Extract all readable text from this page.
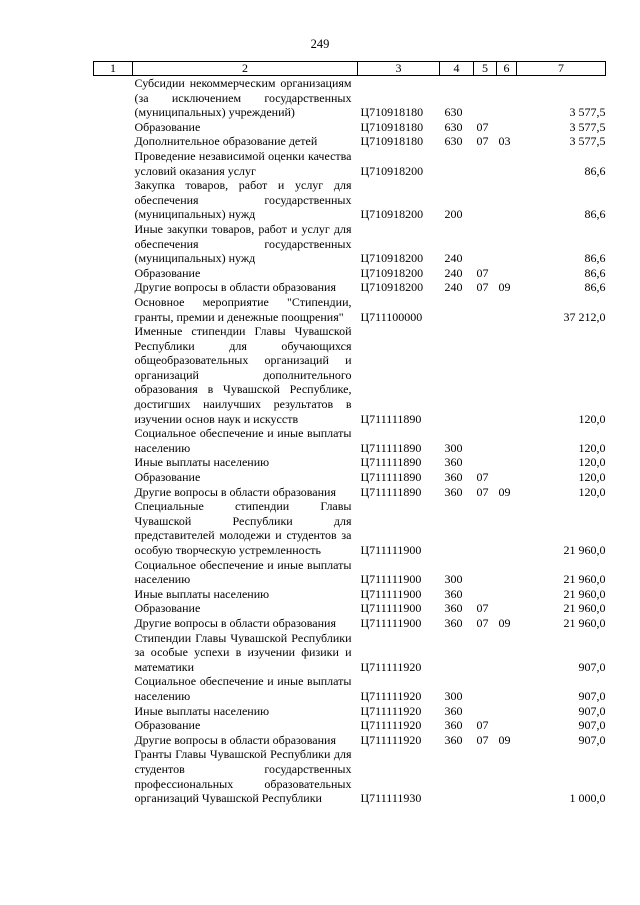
249
1	2	3	4	5	6	7
	Субсидии некоммерческим организациям (за исключением государственных (муниципальных) учреждений)	Ц710918180	630			3 577,5
	Образование	Ц710918180	630	07		3 577,5
	Дополнительное образование детей	Ц710918180	630	07	03	3 577,5
	Проведение независимой оценки качества условий оказания услуг	Ц710918200				86,6
	Закупка товаров, работ и услуг для обеспечения государственных (муниципальных) нужд	Ц710918200	200			86,6
	Иные закупки товаров, работ и услуг для обеспечения государственных (муниципальных) нужд	Ц710918200	240			86,6
	Образование	Ц710918200	240	07		86,6
	Другие вопросы в области образования	Ц710918200	240	07	09	86,6
	Основное мероприятие "Стипендии, гранты, премии и денежные поощрения"	Ц711100000				37 212,0
	Именные стипендии Главы Чувашской Республики для обучающихся общеобразовательных организаций и организаций дополнительного образования в Чувашской Республике, достигших наилучших результатов в изучении основ наук и искусств	Ц711111890				120,0
	Социальное обеспечение и иные выплаты населению	Ц711111890	300			120,0
	Иные выплаты населению	Ц711111890	360			120,0
	Образование	Ц711111890	360	07		120,0
	Другие вопросы в области образования	Ц711111890	360	07	09	120,0
	Специальные стипендии Главы Чувашской Республики для представителей молодежи и студентов за особую творческую устремленность	Ц711111900				21 960,0
	Социальное обеспечение и иные выплаты населению	Ц711111900	300			21 960,0
	Иные выплаты населению	Ц711111900	360			21 960,0
	Образование	Ц711111900	360	07		21 960,0
	Другие вопросы в области образования	Ц711111900	360	07	09	21 960,0
	Стипендии Главы Чувашской Республики за особые успехи в изучении физики и математики	Ц711111920				907,0
	Социальное обеспечение и иные выплаты населению	Ц711111920	300			907,0
	Иные выплаты населению	Ц711111920	360			907,0
	Образование	Ц711111920	360	07		907,0
	Другие вопросы в области образования	Ц711111920	360	07	09	907,0
	Гранты Главы Чувашской Республики для студентов государственных профессиональных образовательных организаций Чувашской Республики	Ц711111930				1 000,0
